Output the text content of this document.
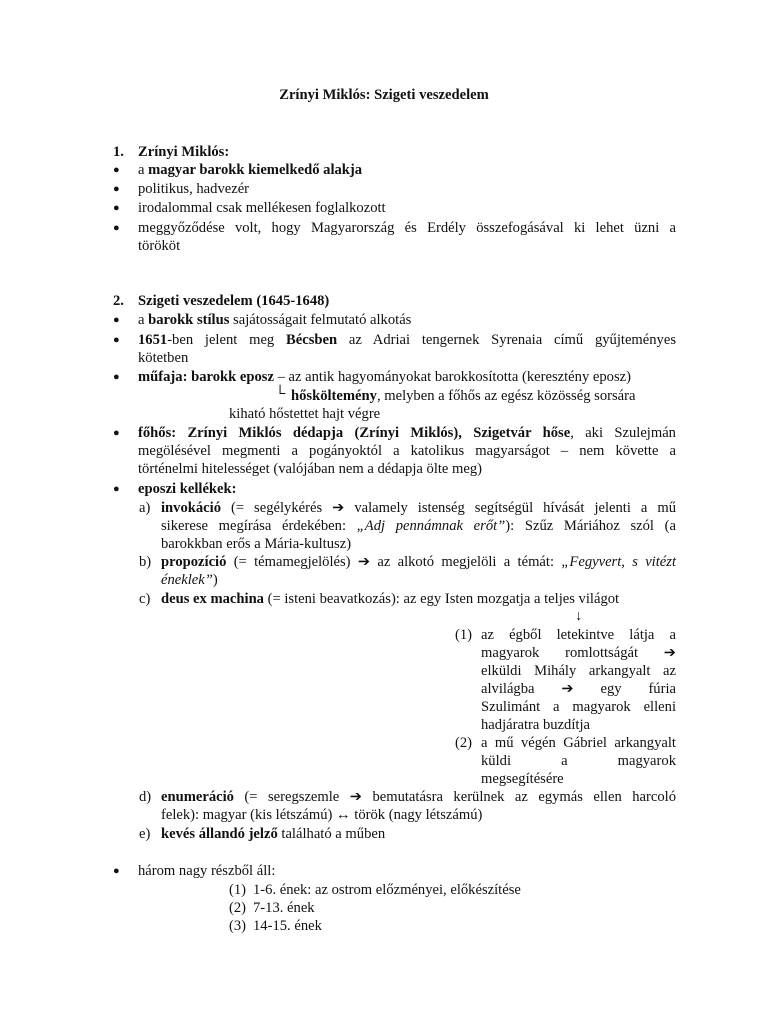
Zrínyi Miklós: Szigeti veszedelem
1. Zrínyi Miklós:
● a magyar barokk kiemelkedő alakja
● politikus, hadvezér
● irodalommal csak mellékesen foglalkozott
● meggyőződése volt, hogy Magyarország és Erdély összefogásával ki lehet üzni a
törököt
2. Szigeti veszedelem (1645-1648)
● a barokk stílus sajátosságait felmutató alkotás
● 1651-ben jelent meg Bécsben az Adriai tengernek Syrenaia című gyűjteményes
kötetben
● műfaja: barokk eposz – az antik hagyományokat barokkosította (keresztény eposz)
└ hősköltemény, melyben a főhős az egész közösség sorsára
kiható hőstettet hajt végre
● főhős: Zrínyi Miklós dédapja (Zrínyi Miklós), Szigetvár hőse, aki Szulejmán
megölésével megmenti a pogányoktól a katolikus magyarságot – nem követte a
történelmi hitelességet (valójában nem a dédapja ölte meg)
● eposzi kellékek:
a) invokáció (= segélykérés ➔ valamely istenség segítségül hívását jelenti a mű
sikerese megírása érdekében: „Adj pennámnak erőt”): Szűz Máriához szól (a
barokkban erős a Mária-kultusz)
b) propozíció (= témamegjelölés) ➔ az alkotó megjelöli a témát: „Fegyvert, s vitézt
éneklek”)
c) deus ex machina (= isteni beavatkozás): az egy Isten mozgatja a teljes világot
↓
(1) az égből letekintve látja a
magyarok romlottságát ➔
elküldi Mihály arkangyalt az
alvilágba ➔ egy fúria
Szulimánt a magyarok elleni
hadjáratra buzdítja
(2) a mű végén Gábriel arkangyalt
küldi a magyarok
megsegítésére
d) enumeráció (= seregszemle ➔ bemutatásra kerülnek az egymás ellen harcoló
felek): magyar (kis létszámú) ↔ török (nagy létszámú)
e) kevés állandó jelző található a műben
● három nagy részből áll:
(1) 1-6. ének: az ostrom előzményei, előkészítése
(2) 7-13. ének
(3) 14-15. ének
